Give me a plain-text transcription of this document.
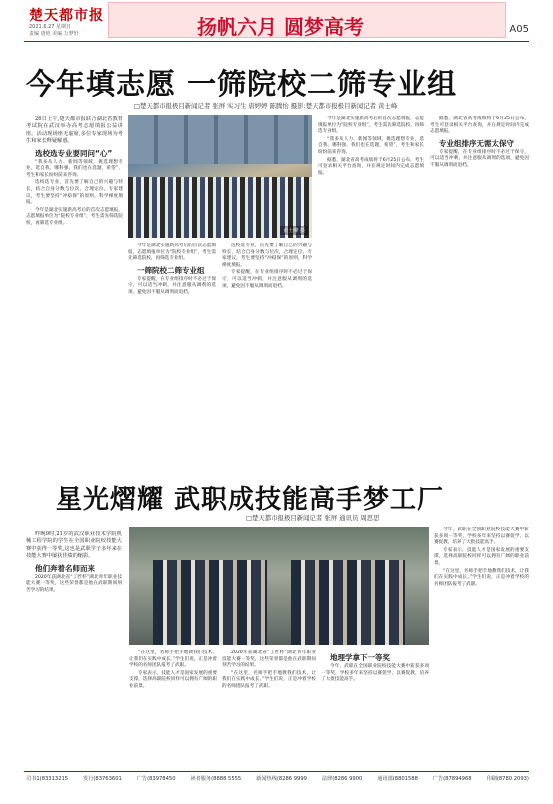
楚天都市报
2021.6.27 星期日
责编 唐艳 美编 万梦轩	扬帆六月 圆梦高考	A05
今年填志愿 一筛院校二筛专业组
□楚天都市报极目新闻记者 张屏 实习生 唐婷婷 陈腾怡 摄影:楚天都市报极目新闻记者 黄士峰

26日上午,楚天都市报联合湖北省教育考试院在武汉举办高考志愿填报公益讲座。活动现场座无虚席,多位专家现场为考生和家长释疑解惑。

选校选专业要同问“心”

“我多从人力、新闻等领域，挑选理想专业，选自我、哪科强、我们也在选题，希望”，考生和家长纷纷前来咨询。

选校选专业，首先要了解自己的兴趣与特长，结合自身分数与位次，合理定位。专家建议，考生要坚持“冲稳保”的原则，科学梯度填报。

今年是湖北实施新高考后的首次志愿填报，志愿填报单位为“院校专业组”，考生需先筛选院校，再筛选专业组。

黄士峰 摄

今年是湖北实施新高考后的首次志愿填报，志愿填报单位为“院校专业组”，考生需先筛选院校，再筛选专业组。

一筛院校二筛专业组

专家提醒，在专业组排序时不必过于保守，可以适当冲刺，并注意服从调剂的选项，避免因不服从调剂而退档。

选校选专业，首先要了解自己的兴趣与特长，结合自身分数与位次，合理定位。专家建议，考生要坚持“冲稳保”的原则，科学梯度填报。

专家提醒，在专业组排序时不必过于保守，可以适当冲刺，并注意服从调剂的选项，避免因不服从调剂而退档。

今年是湖北实施新高考后的首次志愿填报，志愿填报单位为“院校专业组”，考生需先筛选院校，再筛选专业组。

“我多从人力、新闻等领域，挑选理想专业，选自我、哪科强、我们也在选题，希望”，考生和家长纷纷前来咨询。

据悉，湖北省高考成绩将于6月25日公布，考生可登录相关平台查询，并在规定时间内完成志愿填报。

据悉，湖北省高考成绩将于6月25日公布，考生可登录相关平台查询，并在规定时间内完成志愿填报。

专业组排序无需太保守

专家提醒，在专业组排序时不必过于保守，可以适当冲刺，并注意服从调剂的选项，避免因不服从调剂而退档。

星光熠耀 武职成技能高手梦工厂
□楚天都市报极目新闻记者 张屏 通讯员 周思思

昨晚9时,21岁的武汉职业技术学院机械工程学院的学生在全国职业院校技能大赛中获得一等奖,这也是武职学子多年来在技能大赛中屡获佳绩的缩影。

他们奔着名师而来

2020年获湖北省“工匠杯”湖北青年职业技能大赛一等奖，这些荣誉都是他在武职期间刻苦学习的结果。

“在这里，名师手把手地教我们技术，让我们在实践中成长。”学生们说，正是冲着学校的名师团队报考了武职。

专家表示，技能人才是国家发展的重要支撑，选择高职院校同样可以拥有广阔的职业前景。

2020年获湖北省“工匠杯”湖北青年职业技能大赛一等奖，这些荣誉都是他在武职期间刻苦学习的结果。

“在这里，名师手把手地教我们技术，让我们在实践中成长。”学生们说，正是冲着学校的名师团队报考了武职。

地理学拿下一等奖

今年，武职在全国职业院校技能大赛中斩获多项一等奖，学校多年来坚持以赛促学、以赛促教，培养了大批技能高手。

今年，武职在全国职业院校技能大赛中斩获多项一等奖，学校多年来坚持以赛促学、以赛促教，培养了大批技能高手。

专家表示，技能人才是国家发展的重要支撑，选择高职院校同样可以拥有广阔的职业前景。

“在这里，名师手把手地教我们技术，让我们在实践中成长。”学生们说，正是冲着学校的名师团队报考了武职。

司书1(83313215	发行(83763601	广告(83978450	读者服务(8888 5555	新闻热线(8286 9999	法律(8286 9900	通讯部(8801588	广告(87894968	印刷(8780 2093)
